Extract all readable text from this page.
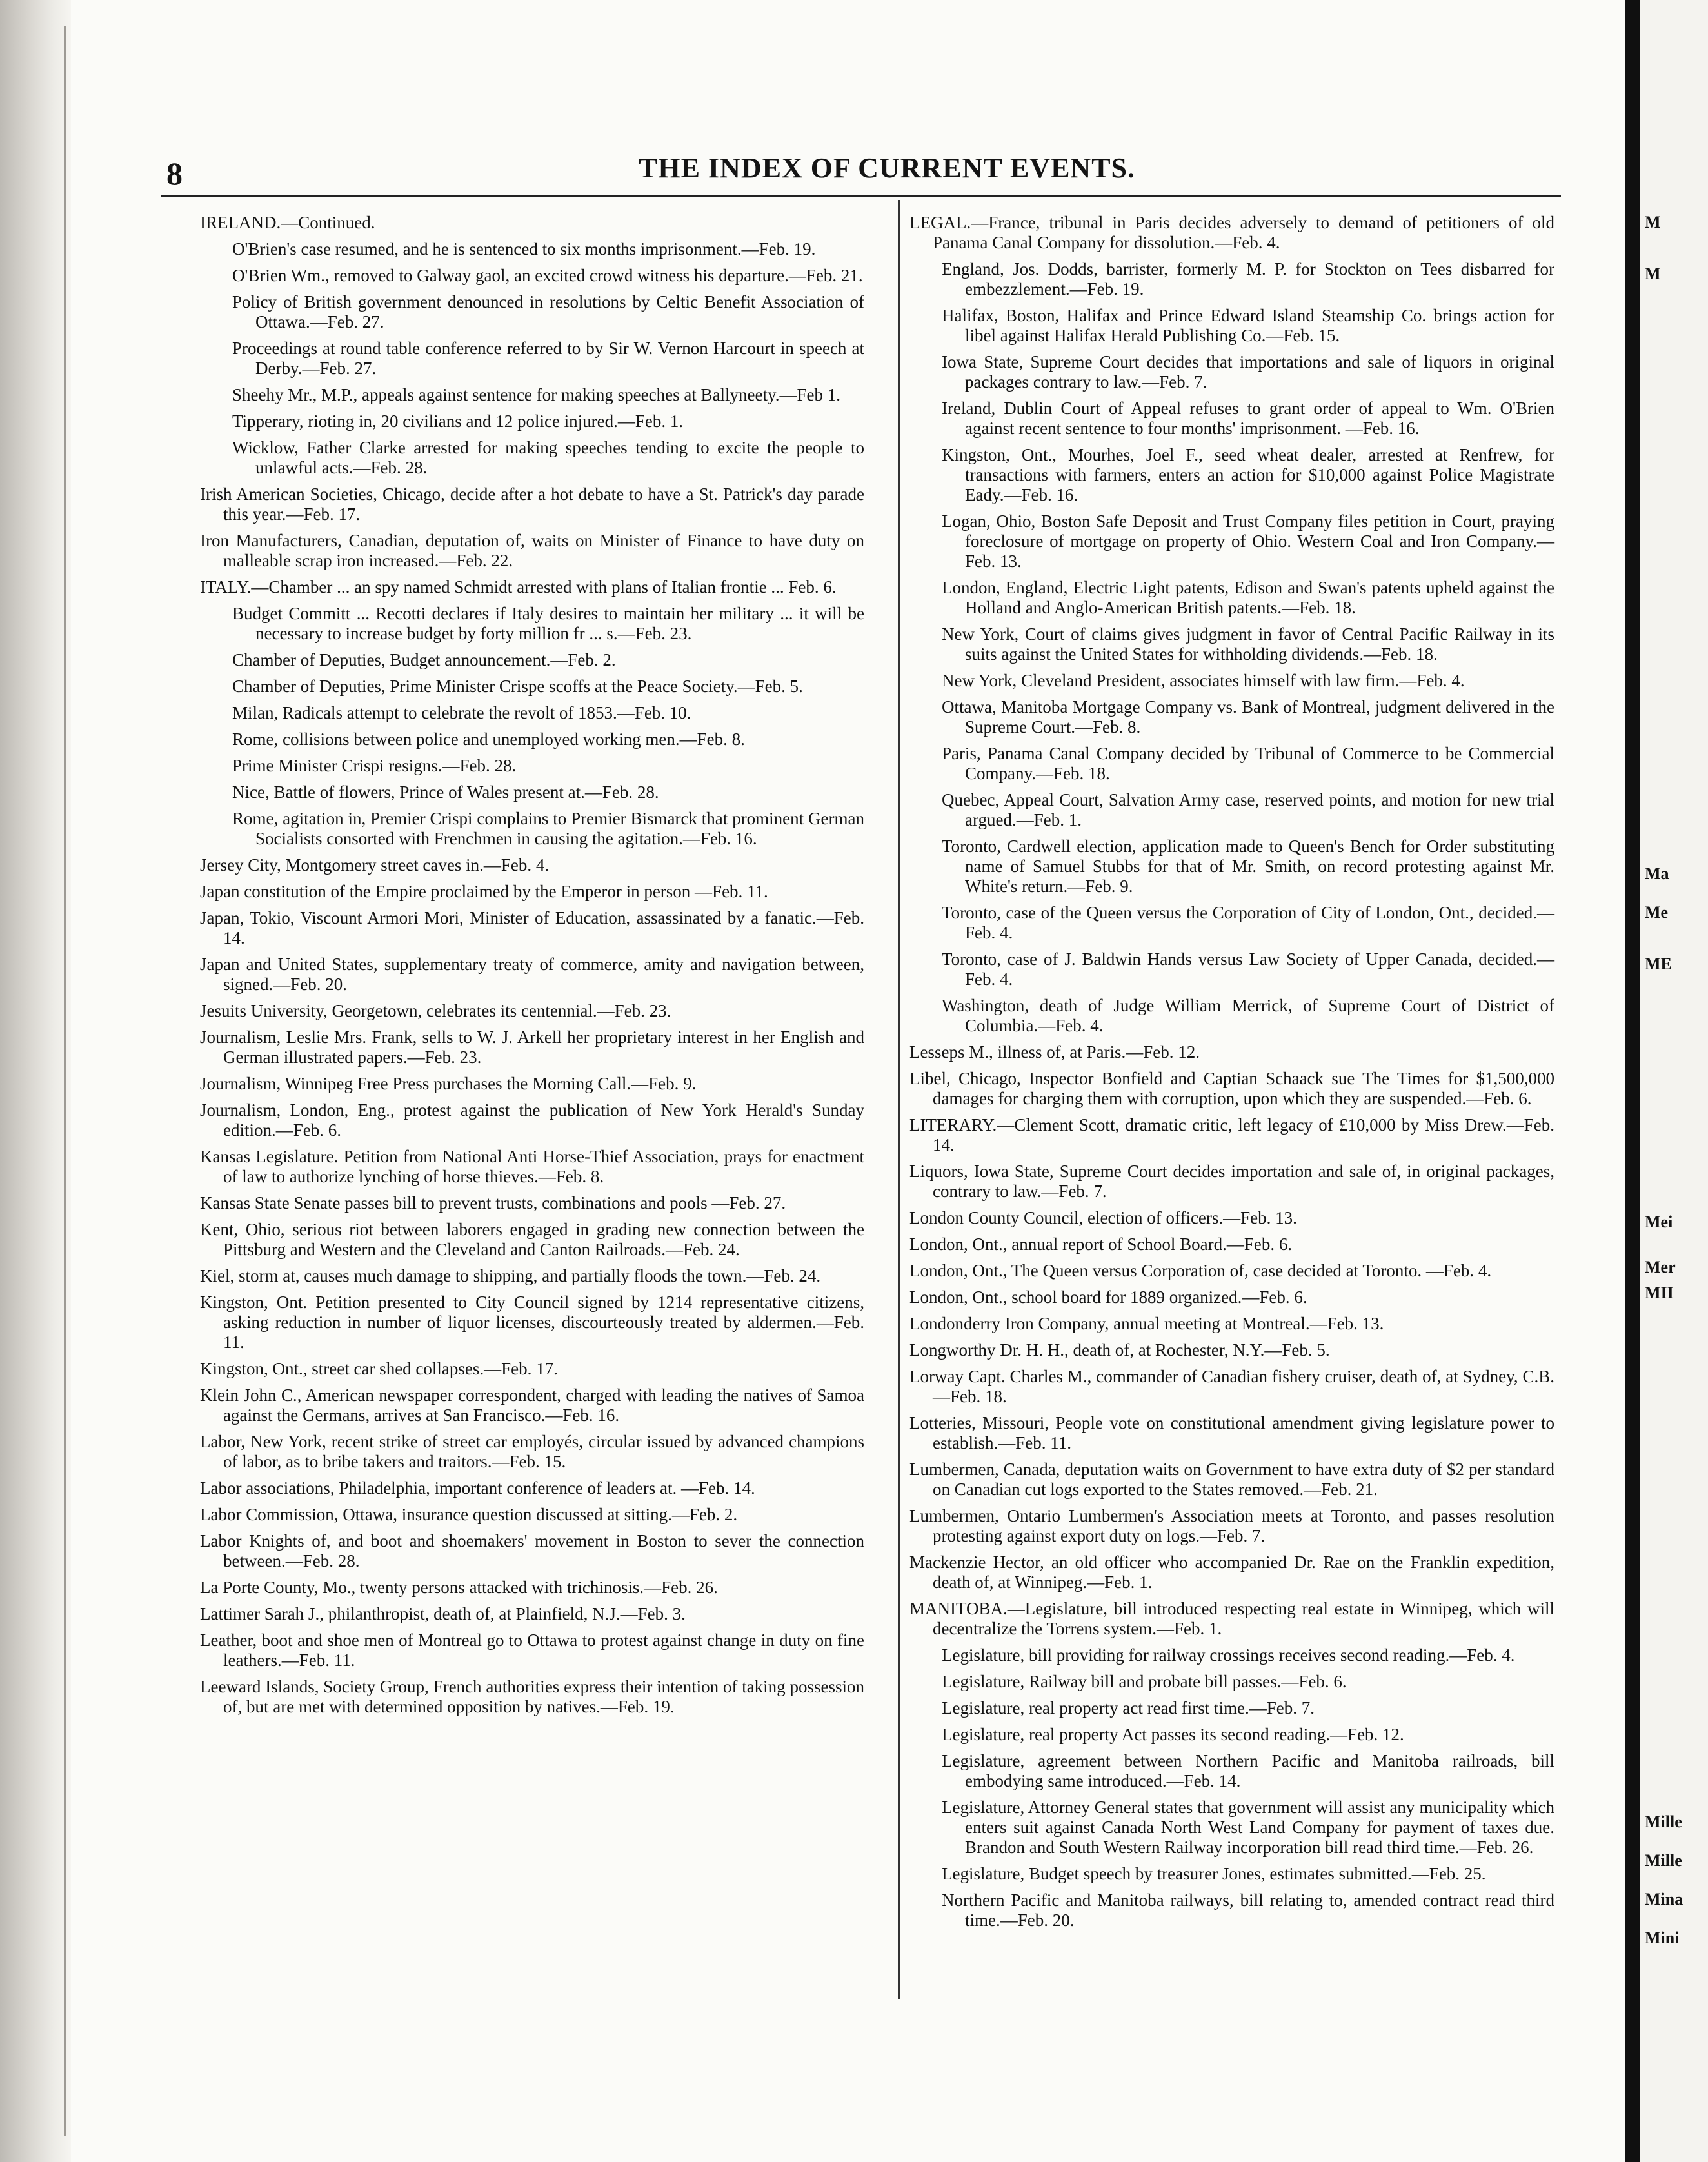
M
M
Ma
Me
ME
Mei
Mer
MII
Mille
Mille
Mina
Mini
8	THE INDEX OF CURRENT EVENTS.
IRELAND.—Continued.
O'Brien's case resumed, and he is sentenced to six months imprisonment.—Feb. 19.
O'Brien Wm., removed to Galway gaol, an excited crowd witness his departure.—Feb. 21.
Policy of British government denounced in resolutions by Celtic Benefit Association of Ottawa.—Feb. 27.
Proceedings at round table conference referred to by Sir W. Vernon Harcourt in speech at Derby.—Feb. 27.
Sheehy Mr., M.P., appeals against sentence for making speeches at Ballyneety.—Feb 1.
Tipperary, rioting in, 20 civilians and 12 police injured.—Feb. 1.
Wicklow, Father Clarke arrested for making speeches tending to excite the people to unlawful acts.—Feb. 28.
Irish American Societies, Chicago, decide after a hot debate to have a St. Patrick's day parade this year.—Feb. 17.
Iron Manufacturers, Canadian, deputation of, waits on Minister of Finance to have duty on malleable scrap iron increased.—Feb. 22.
ITALY.—Chamber ... an spy named Schmidt arrested with plans of Italian frontie ... Feb. 6.
Budget Committ ... Recotti declares if Italy desires to maintain her military ... it will be necessary to increase budget by forty million fr ... s.—Feb. 23.
Chamber of Deputies, Budget announcement.—Feb. 2.
Chamber of Deputies, Prime Minister Crispe scoffs at the Peace Society.—Feb. 5.
Milan, Radicals attempt to celebrate the revolt of 1853.—Feb. 10.
Rome, collisions between police and unemployed working men.—Feb. 8.
Prime Minister Crispi resigns.—Feb. 28.
Nice, Battle of flowers, Prince of Wales present at.—Feb. 28.
Rome, agitation in, Premier Crispi complains to Premier Bismarck that prominent German Socialists consorted with Frenchmen in causing the agitation.—Feb. 16.
Jersey City, Montgomery street caves in.—Feb. 4.
Japan constitution of the Empire proclaimed by the Emperor in person —Feb. 11.
Japan, Tokio, Viscount Armori Mori, Minister of Education, assassinated by a fanatic.—Feb. 14.
Japan and United States, supplementary treaty of commerce, amity and navigation between, signed.—Feb. 20.
Jesuits University, Georgetown, celebrates its centennial.—Feb. 23.
Journalism, Leslie Mrs. Frank, sells to W. J. Arkell her proprietary interest in her English and German illustrated papers.—Feb. 23.
Journalism, Winnipeg Free Press purchases the Morning Call.—Feb. 9.
Journalism, London, Eng., protest against the publication of New York Herald's Sunday edition.—Feb. 6.
Kansas Legislature. Petition from National Anti Horse-Thief Association, prays for enactment of law to authorize lynching of horse thieves.—Feb. 8.
Kansas State Senate passes bill to prevent trusts, combinations and pools —Feb. 27.
Kent, Ohio, serious riot between laborers engaged in grading new connection between the Pittsburg and Western and the Cleveland and Canton Railroads.—Feb. 24.
Kiel, storm at, causes much damage to shipping, and partially floods the town.—Feb. 24.
Kingston, Ont. Petition presented to City Council signed by 1214 representative citizens, asking reduction in number of liquor licenses, discourteously treated by aldermen.—Feb. 11.
Kingston, Ont., street car shed collapses.—Feb. 17.
Klein John C., American newspaper correspondent, charged with leading the natives of Samoa against the Germans, arrives at San Francisco.—Feb. 16.
Labor, New York, recent strike of street car employés, circular issued by advanced champions of labor, as to bribe takers and traitors.—Feb. 15.
Labor associations, Philadelphia, important conference of leaders at. —Feb. 14.
Labor Commission, Ottawa, insurance question discussed at sitting.—Feb. 2.
Labor Knights of, and boot and shoemakers' movement in Boston to sever the connection between.—Feb. 28.
La Porte County, Mo., twenty persons attacked with trichinosis.—Feb. 26.
Lattimer Sarah J., philanthropist, death of, at Plainfield, N.J.—Feb. 3.
Leather, boot and shoe men of Montreal go to Ottawa to protest against change in duty on fine leathers.—Feb. 11.
Leeward Islands, Society Group, French authorities express their intention of taking possession of, but are met with determined opposition by natives.—Feb. 19.
LEGAL.—France, tribunal in Paris decides adversely to demand of petitioners of old Panama Canal Company for dissolution.—Feb. 4.
England, Jos. Dodds, barrister, formerly M. P. for Stockton on Tees disbarred for embezzlement.—Feb. 19.
Halifax, Boston, Halifax and Prince Edward Island Steamship Co. brings action for libel against Halifax Herald Publishing Co.—Feb. 15.
Iowa State, Supreme Court decides that importations and sale of liquors in original packages contrary to law.—Feb. 7.
Ireland, Dublin Court of Appeal refuses to grant order of appeal to Wm. O'Brien against recent sentence to four months' imprisonment. —Feb. 16.
Kingston, Ont., Mourhes, Joel F., seed wheat dealer, arrested at Renfrew, for transactions with farmers, enters an action for $10,000 against Police Magistrate Eady.—Feb. 16.
Logan, Ohio, Boston Safe Deposit and Trust Company files petition in Court, praying foreclosure of mortgage on property of Ohio. Western Coal and Iron Company.—Feb. 13.
London, England, Electric Light patents, Edison and Swan's patents upheld against the Holland and Anglo-American British patents.—Feb. 18.
New York, Court of claims gives judgment in favor of Central Pacific Railway in its suits against the United States for withholding dividends.—Feb. 18.
New York, Cleveland President, associates himself with law firm.—Feb. 4.
Ottawa, Manitoba Mortgage Company vs. Bank of Montreal, judgment delivered in the Supreme Court.—Feb. 8.
Paris, Panama Canal Company decided by Tribunal of Commerce to be Commercial Company.—Feb. 18.
Quebec, Appeal Court, Salvation Army case, reserved points, and motion for new trial argued.—Feb. 1.
Toronto, Cardwell election, application made to Queen's Bench for Order substituting name of Samuel Stubbs for that of Mr. Smith, on record protesting against Mr. White's return.—Feb. 9.
Toronto, case of the Queen versus the Corporation of City of London, Ont., decided.—Feb. 4.
Toronto, case of J. Baldwin Hands versus Law Society of Upper Canada, decided.—Feb. 4.
Washington, death of Judge William Merrick, of Supreme Court of District of Columbia.—Feb. 4.
Lesseps M., illness of, at Paris.—Feb. 12.
Libel, Chicago, Inspector Bonfield and Captian Schaack sue The Times for $1,500,000 damages for charging them with corruption, upon which they are suspended.—Feb. 6.
LITERARY.—Clement Scott, dramatic critic, left legacy of £10,000 by Miss Drew.—Feb. 14.
Liquors, Iowa State, Supreme Court decides importation and sale of, in original packages, contrary to law.—Feb. 7.
London County Council, election of officers.—Feb. 13.
London, Ont., annual report of School Board.—Feb. 6.
London, Ont., The Queen versus Corporation of, case decided at Toronto. —Feb. 4.
London, Ont., school board for 1889 organized.—Feb. 6.
Londonderry Iron Company, annual meeting at Montreal.—Feb. 13.
Longworthy Dr. H. H., death of, at Rochester, N.Y.—Feb. 5.
Lorway Capt. Charles M., commander of Canadian fishery cruiser, death of, at Sydney, C.B.—Feb. 18.
Lotteries, Missouri, People vote on constitutional amendment giving legislature power to establish.—Feb. 11.
Lumbermen, Canada, deputation waits on Government to have extra duty of $2 per standard on Canadian cut logs exported to the States removed.—Feb. 21.
Lumbermen, Ontario Lumbermen's Association meets at Toronto, and passes resolution protesting against export duty on logs.—Feb. 7.
Mackenzie Hector, an old officer who accompanied Dr. Rae on the Franklin expedition, death of, at Winnipeg.—Feb. 1.
MANITOBA.—Legislature, bill introduced respecting real estate in Winnipeg, which will decentralize the Torrens system.—Feb. 1.
Legislature, bill providing for railway crossings receives second reading.—Feb. 4.
Legislature, Railway bill and probate bill passes.—Feb. 6.
Legislature, real property act read first time.—Feb. 7.
Legislature, real property Act passes its second reading.—Feb. 12.
Legislature, agreement between Northern Pacific and Manitoba railroads, bill embodying same introduced.—Feb. 14.
Legislature, Attorney General states that government will assist any municipality which enters suit against Canada North West Land Company for payment of taxes due. Brandon and South Western Railway incorporation bill read third time.—Feb. 26.
Legislature, Budget speech by treasurer Jones, estimates submitted.—Feb. 25.
Northern Pacific and Manitoba railways, bill relating to, amended contract read third time.—Feb. 20.
